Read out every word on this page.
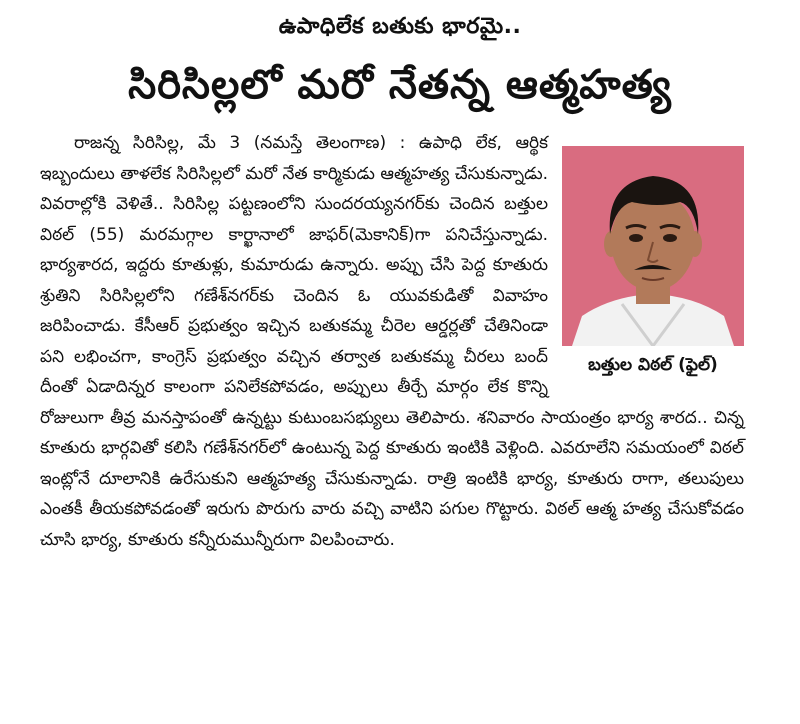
ఉపాధిలేక బతుకు భారమై..
సిరిసిల్లలో మరో నేతన్న ఆత్మహత్య
బత్తుల విఠల్ (ఫైల్)

రాజన్న సిరిసిల్ల, మే 3 (నమస్తే తెలంగాణ) : ఉపాధి లేక, ఆర్థిక ఇబ్బందులు తాళలేక సిరిసిల్లలో మరో నేత కార్మికుడు ఆత్మహత్య చేసుకున్నాడు. వివరాల్లోకి వెళితే.. సిరిసిల్ల పట్టణంలోని సుందరయ్యనగర్‌కు చెందిన బత్తుల విఠల్ (55) మరమగ్గాల కార్ఖానాలో జాఫర్(మెకానిక్)గా పనిచేస్తున్నాడు. భార్యశారద, ఇద్దరు కూతుళ్లు, కుమారుడు ఉన్నారు. అప్పు చేసి పెద్ద కూతురు శ్రుతిని సిరిసిల్లలోని గణేశ్‌నగర్‌కు చెందిన ఓ యువకుడితో వివాహం జరిపించాడు. కేసీఆర్ ప్రభుత్వం ఇచ్చిన బతుకమ్మ చీరెల ఆర్డర్లతో చేతినిండా పని లభించగా, కాంగ్రెస్ ప్రభుత్వం వచ్చిన తర్వాత బతుకమ్మ చీరలు బంద్ దీంతో ఏడాదిన్నర కాలంగా పనిలేకపోవడం, అప్పులు తీర్చే మార్గం లేక కొన్ని రోజులుగా తీవ్ర మనస్తాపంతో ఉన్నట్టు కుటుంబసభ్యులు తెలిపారు. శనివారం సాయంత్రం భార్య శారద.. చిన్న కూతురు భార్గవితో కలిసి గణేశ్‌నగర్‌లో ఉంటున్న పెద్ద కూతురు ఇంటికి వెళ్లింది. ఎవరూలేని సమయంలో విఠల్ ఇంట్లోనే దూలానికి ఉరేసుకుని ఆత్మహత్య చేసుకున్నాడు. రాత్రి ఇంటికి భార్య, కూతురు రాగా, తలుపులు ఎంతకీ తీయకపోవడంతో ఇరుగు పొరుగు వారు వచ్చి వాటిని పగుల గొట్టారు. విఠల్ ఆత్మ హత్య చేసుకోవడం చూసి భార్య, కూతురు కన్నీరుమున్నీరుగా విలపించారు.
